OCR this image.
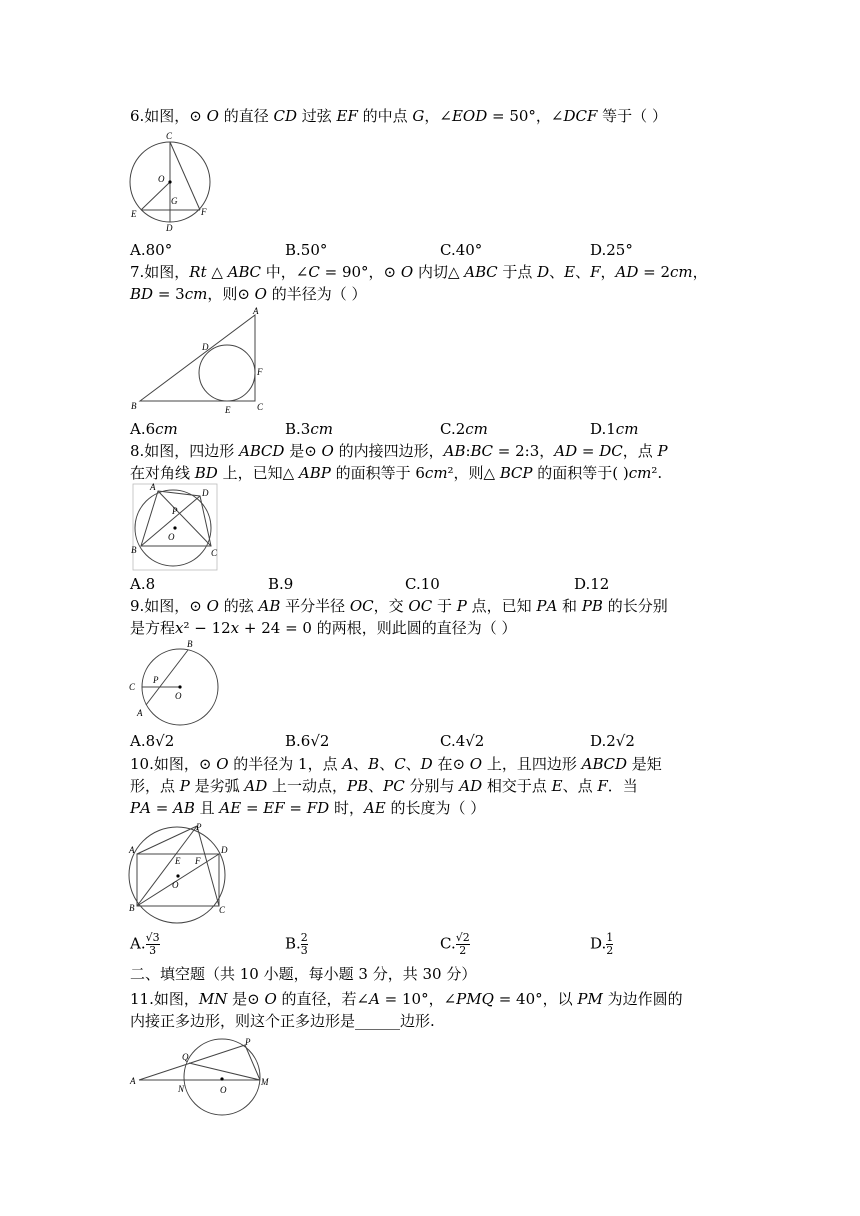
6.如图，⊙ 𝑂 的直径 𝐶𝐷 过弦 𝐸𝐹 的中点 𝐺，∠𝐸𝑂𝐷 = 50°，∠𝐷𝐶𝐹 等于（ ）
C
O
G
E	F
D
A.80°	B.50°	C.40°	D.25°
7.如图，𝑅𝑡 △ 𝐴𝐵𝐶 中，∠𝐶 = 90°，⊙ 𝑂 内切△ 𝐴𝐵𝐶 于点 𝐷、𝐸、𝐹，𝐴𝐷 = 2𝑐𝑚，
𝐵𝐷 = 3𝑐𝑚，则⊙ 𝑂 的半径为（ ）
A
B	C
D
E
F
A.6𝑐𝑚	B.3𝑐𝑚	C.2𝑐𝑚	D.1𝑐𝑚
8.如图，四边形 𝐴𝐵𝐶𝐷 是⊙ 𝑂 的内接四边形，𝐴𝐵:𝐵𝐶 = 2:3，𝐴𝐷 = 𝐷𝐶，点 𝑃
在对角线 𝐵𝐷 上，已知△ 𝐴𝐵𝑃 的面积等于 6𝑐𝑚²，则△ 𝐵𝐶𝑃 的面积等于( )𝑐𝑚².
A
D
P
O
B	C
A.8	B.9	C.10	D.12
9.如图，⊙ 𝑂 的弦 𝐴𝐵 平分半径 𝑂𝐶，交 𝑂𝐶 于 𝑃 点，已知 𝑃𝐴 和 𝑃𝐵 的长分别
是方程𝑥² − 12𝑥 + 24 = 0 的两根，则此圆的直径为（ ）
B
C
P
O
A
A.8√2	B.6√2	C.4√2	D.2√2
10.如图，⊙ 𝑂 的半径为 1，点 𝐴、𝐵、𝐶、𝐷 在⊙ 𝑂 上，且四边形 𝐴𝐵𝐶𝐷 是矩
形，点 𝑃 是劣弧 𝐴𝐷 上一动点，𝑃𝐵、𝑃𝐶 分别与 𝐴𝐷 相交于点 𝐸、点 𝐹．当
𝑃𝐴 = 𝐴𝐵 且 𝐴𝐸 = 𝐸𝐹 = 𝐹𝐷 时，𝐴𝐸 的长度为（ ）
P
A	D
E F
O
B	C
A. $\frac{√3}{3}$	B. $\frac{2}{3}$	C. $\frac{√2}{2}$	D. $\frac{1}{2}$
二、填空题（共 10 小题，每小题 3 分，共 30 分）
11.如图，𝑀𝑁 是⊙ 𝑂 的直径，若∠𝐴 = 10°，∠𝑃𝑀𝑄 = 40°，以 𝑃𝑀 为边作圆的
内接正多边形，则这个正多边形是______边形.
P
Q
A
N	O
M
